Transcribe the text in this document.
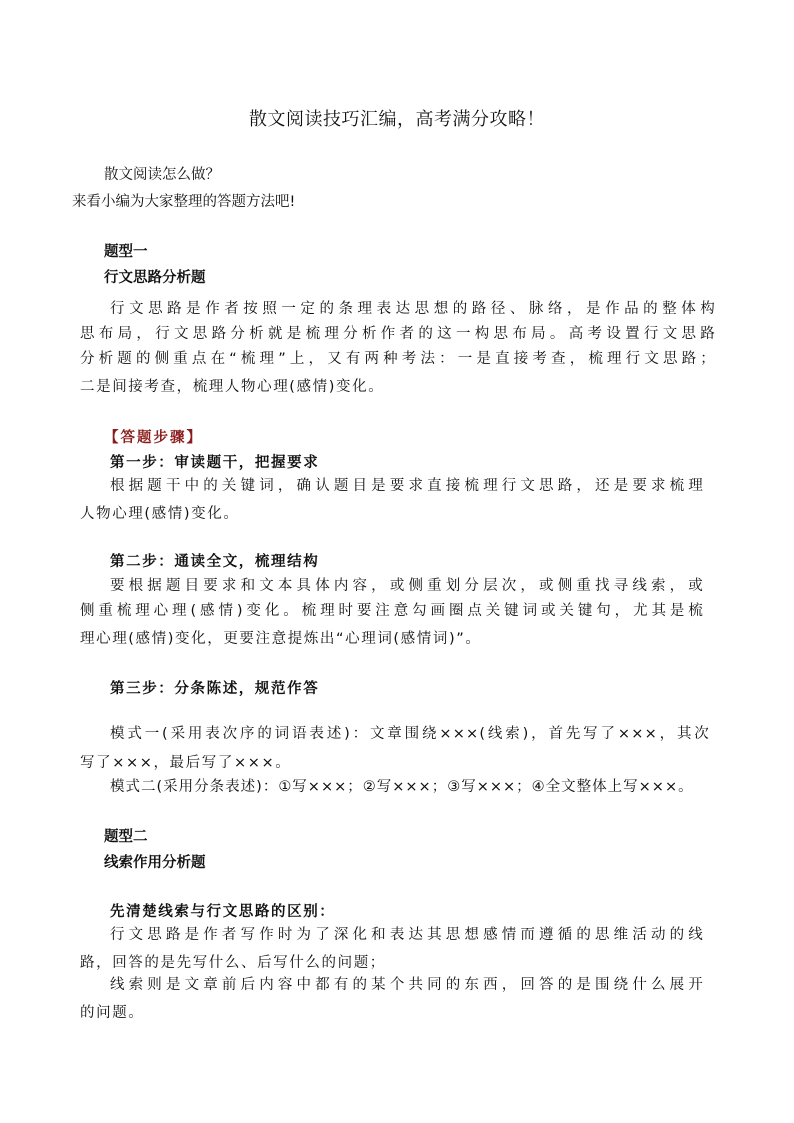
散文阅读技巧汇编，高考满分攻略！

散文阅读怎么做？

来看小编为大家整理的答题方法吧!

题型一

行文思路分析题

行文思路是作者按照一定的条理表达思想的路径、脉络，是作品的整体构

思布局，行文思路分析就是梳理分析作者的这一构思布局。高考设置行文思路

分析题的侧重点在“梳理”上，又有两种考法：一是直接考查，梳理行文思路；

二是间接考查，梳理人物心理(感情)变化。

【答题步骤】

第一步：审读题干，把握要求

根据题干中的关键词，确认题目是要求直接梳理行文思路，还是要求梳理

人物心理(感情)变化。

第二步：通读全文，梳理结构

要根据题目要求和文本具体内容，或侧重划分层次，或侧重找寻线索，或

侧重梳理心理(感情)变化。梳理时要注意勾画圈点关键词或关键句，尤其是梳

理心理(感情)变化，更要注意提炼出“心理词(感情词)”。

第三步：分条陈述，规范作答

模式一(采用表次序的词语表述)：文章围绕×××(线索)，首先写了×××，其次

写了×××，最后写了×××。

模式二(采用分条表述)：①写×××；②写×××；③写×××；④全文整体上写×××。

题型二

线索作用分析题

先清楚线索与行文思路的区别：

行文思路是作者写作时为了深化和表达其思想感情而遵循的思维活动的线

路，回答的是先写什么、后写什么的问题；

线索则是文章前后内容中都有的某个共同的东西，回答的是围绕什么展开

的问题。
